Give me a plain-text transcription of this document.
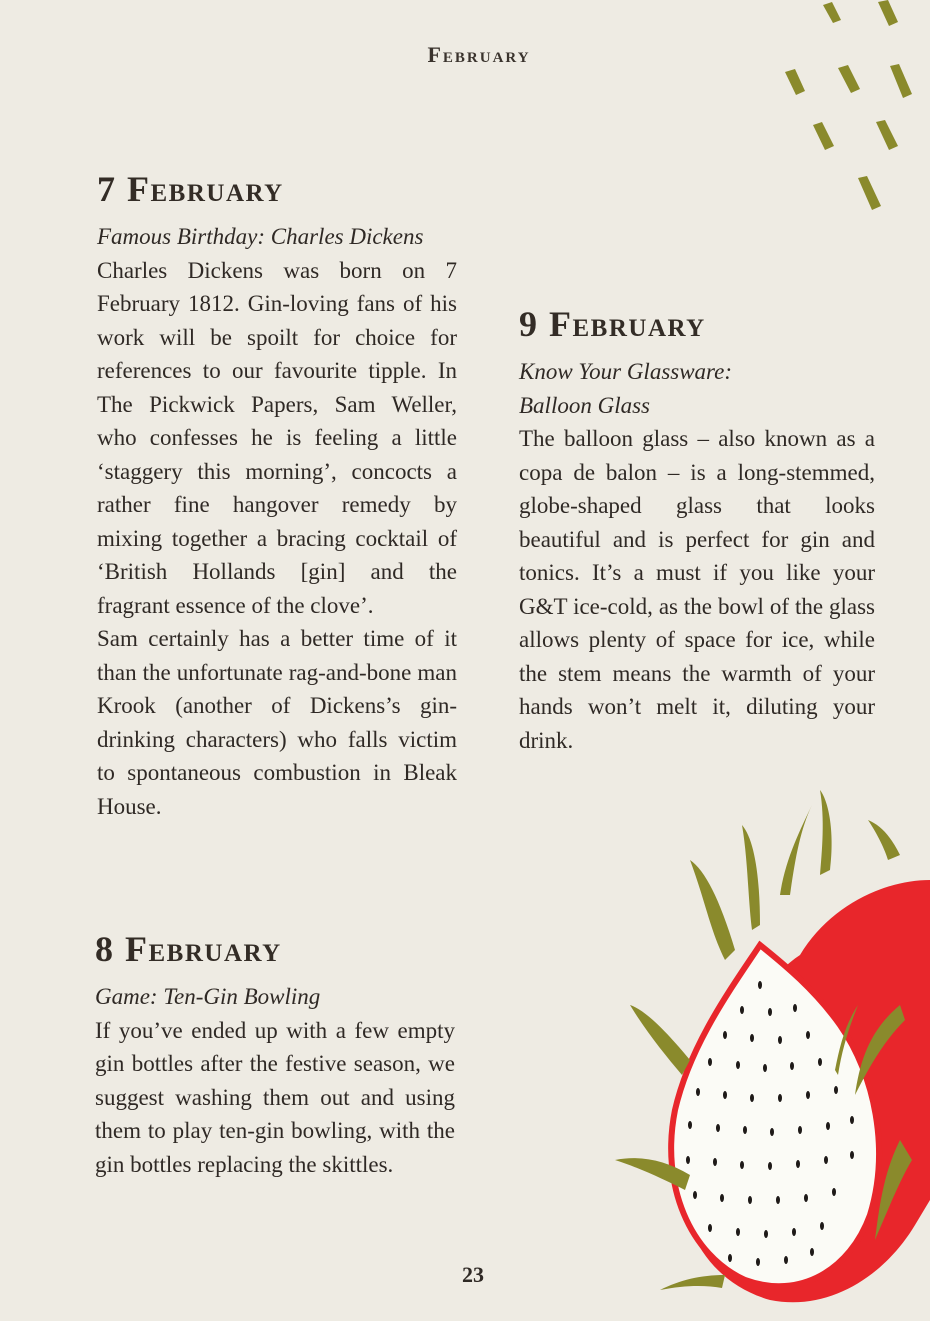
February
7 February
Famous Birthday: Charles Dickens

Charles Dickens was born on 7 February 1812. Gin-loving fans of his work will be spoilt for choice for references to our favourite tipple. In The Pickwick Papers, Sam Weller, who confesses he is feeling a little ‘staggery this morning’, concocts a rather fine hangover remedy by mixing together a bracing cocktail of ‘British Hollands [gin] and the fragrant essence of the clove’.

Sam certainly has a better time of it than the unfortunate rag-and-bone man Krook (another of Dickens’s gin-drinking characters) who falls victim to spontaneous combustion in Bleak House.

8 February
Game: Ten-Gin Bowling

If you’ve ended up with a few empty gin bottles after the festive season, we suggest washing them out and using them to play ten-gin bowling, with the gin bottles replacing the skittles.

9 February
Know Your Glassware: Balloon Glass

The balloon glass – also known as a copa de balon – is a long-stemmed, globe-shaped glass that looks beautiful and is perfect for gin and tonics. It’s a must if you like your G&T ice-cold, as the bowl of the glass allows plenty of space for ice, while the stem means the warmth of your hands won’t melt it, diluting your drink.

23
